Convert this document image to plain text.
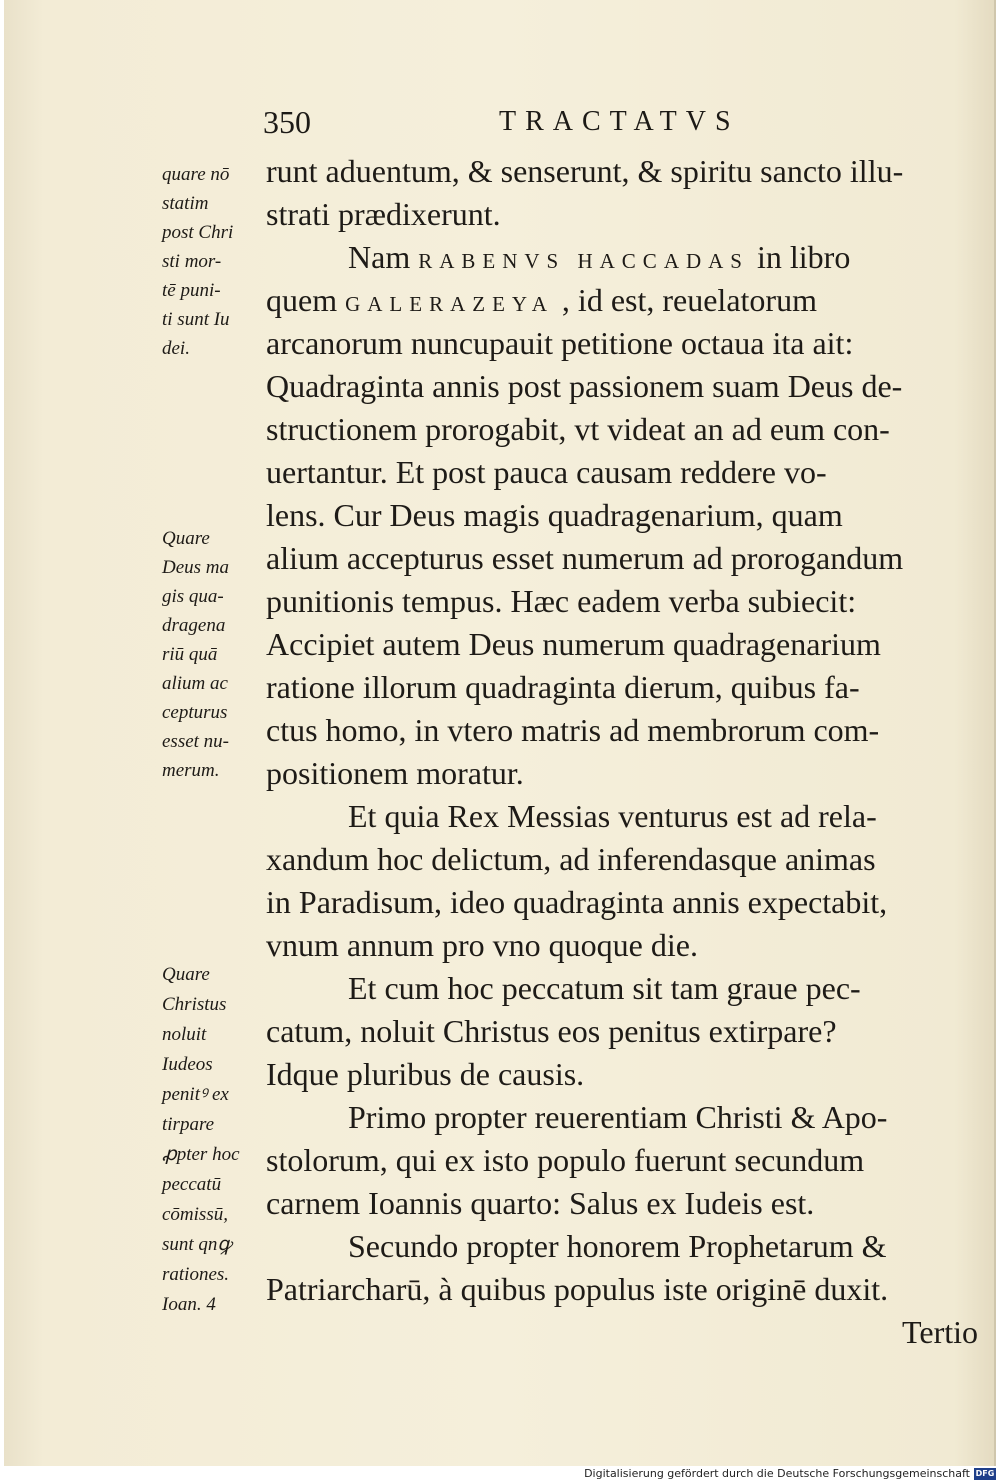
350	TRACTATVS
quare nō
statim
post Chri
sti mor-
tē puni-
ti sunt Iu
dei.
Quare
Deus ma
gis qua-
dragena
riū quā
alium ac
cepturus
esset nu-
merum.
Quare
Christus
noluit
Iudeos
penitꝰ ex
tirpare
ꝓpter hoc
peccatū
cōmissū,
sunt qnꝙ
rationes.
Ioan. 4
runt aduentum, & senserunt, & spiritu sancto illu-
strati prædixerunt.
Nam RABENVS HACCADAS in libro
quem GALERAZEYA , id est, reuelatorum
arcanorum nuncupauit petitione octaua ita ait:
Quadraginta annis post passionem suam Deus de-
structionem prorogabit, vt videat an ad eum con-
uertantur. Et post pauca causam reddere vo-
lens. Cur Deus magis quadragenarium, quam
alium accepturus esset numerum ad prorogandum
punitionis tempus. Hæc eadem verba subiecit:
Accipiet autem Deus numerum quadragenarium
ratione illorum quadraginta dierum, quibus fa-
ctus homo, in vtero matris ad membrorum com-
positionem moratur.
Et quia Rex Messias venturus est ad rela-
xandum hoc delictum, ad inferendasque animas
in Paradisum, ideo quadraginta annis expectabit,
vnum annum pro vno quoque die.
Et cum hoc peccatum sit tam graue pec-
catum, noluit Christus eos penitus extirpare?
Idque pluribus de causis.
Primo propter reuerentiam Christi & Apo-
stolorum, qui ex isto populo fuerunt secundum
carnem Ioannis quarto: Salus ex Iudeis est.
Secundo propter honorem Prophetarum &
Patriarcharū, à quibus populus iste originē duxit.
Tertio
Digitalisierung gefördert durch die Deutsche Forschungsgemeinschaft DFG
